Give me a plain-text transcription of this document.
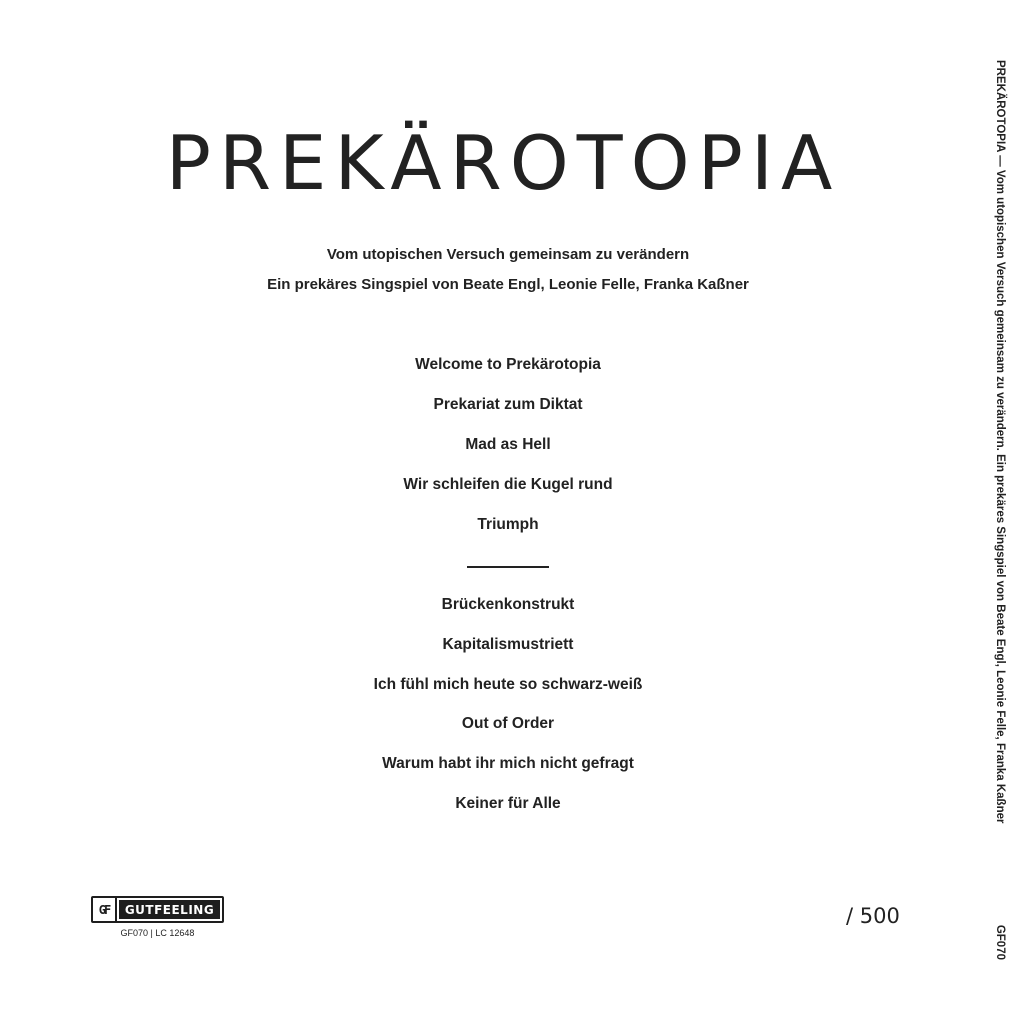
PREKÄROTOPIA
Vom utopischen Versuch gemeinsam zu verändern
Ein prekäres Singspiel von Beate Engl, Leonie Felle, Franka Kaßner
Welcome to Prekärotopia
Prekariat zum Diktat
Mad as Hell
Wir schleifen die Kugel rund
Triumph
Brückenkonstrukt
Kapitalismustriett
Ich fühl mich heute so schwarz-weiß
Out of Order
Warum habt ihr mich nicht gefragt
Keiner für Alle
GF	GUTFEELING
GF070 | LC 12648
/ 500
PREKÄROTOPIA — Vom utopischen Versuch gemeinsam zu verändern. Ein prekäres Singspiel von Beate Engl, Leonie Felle, Franka Kaßner
GF070
